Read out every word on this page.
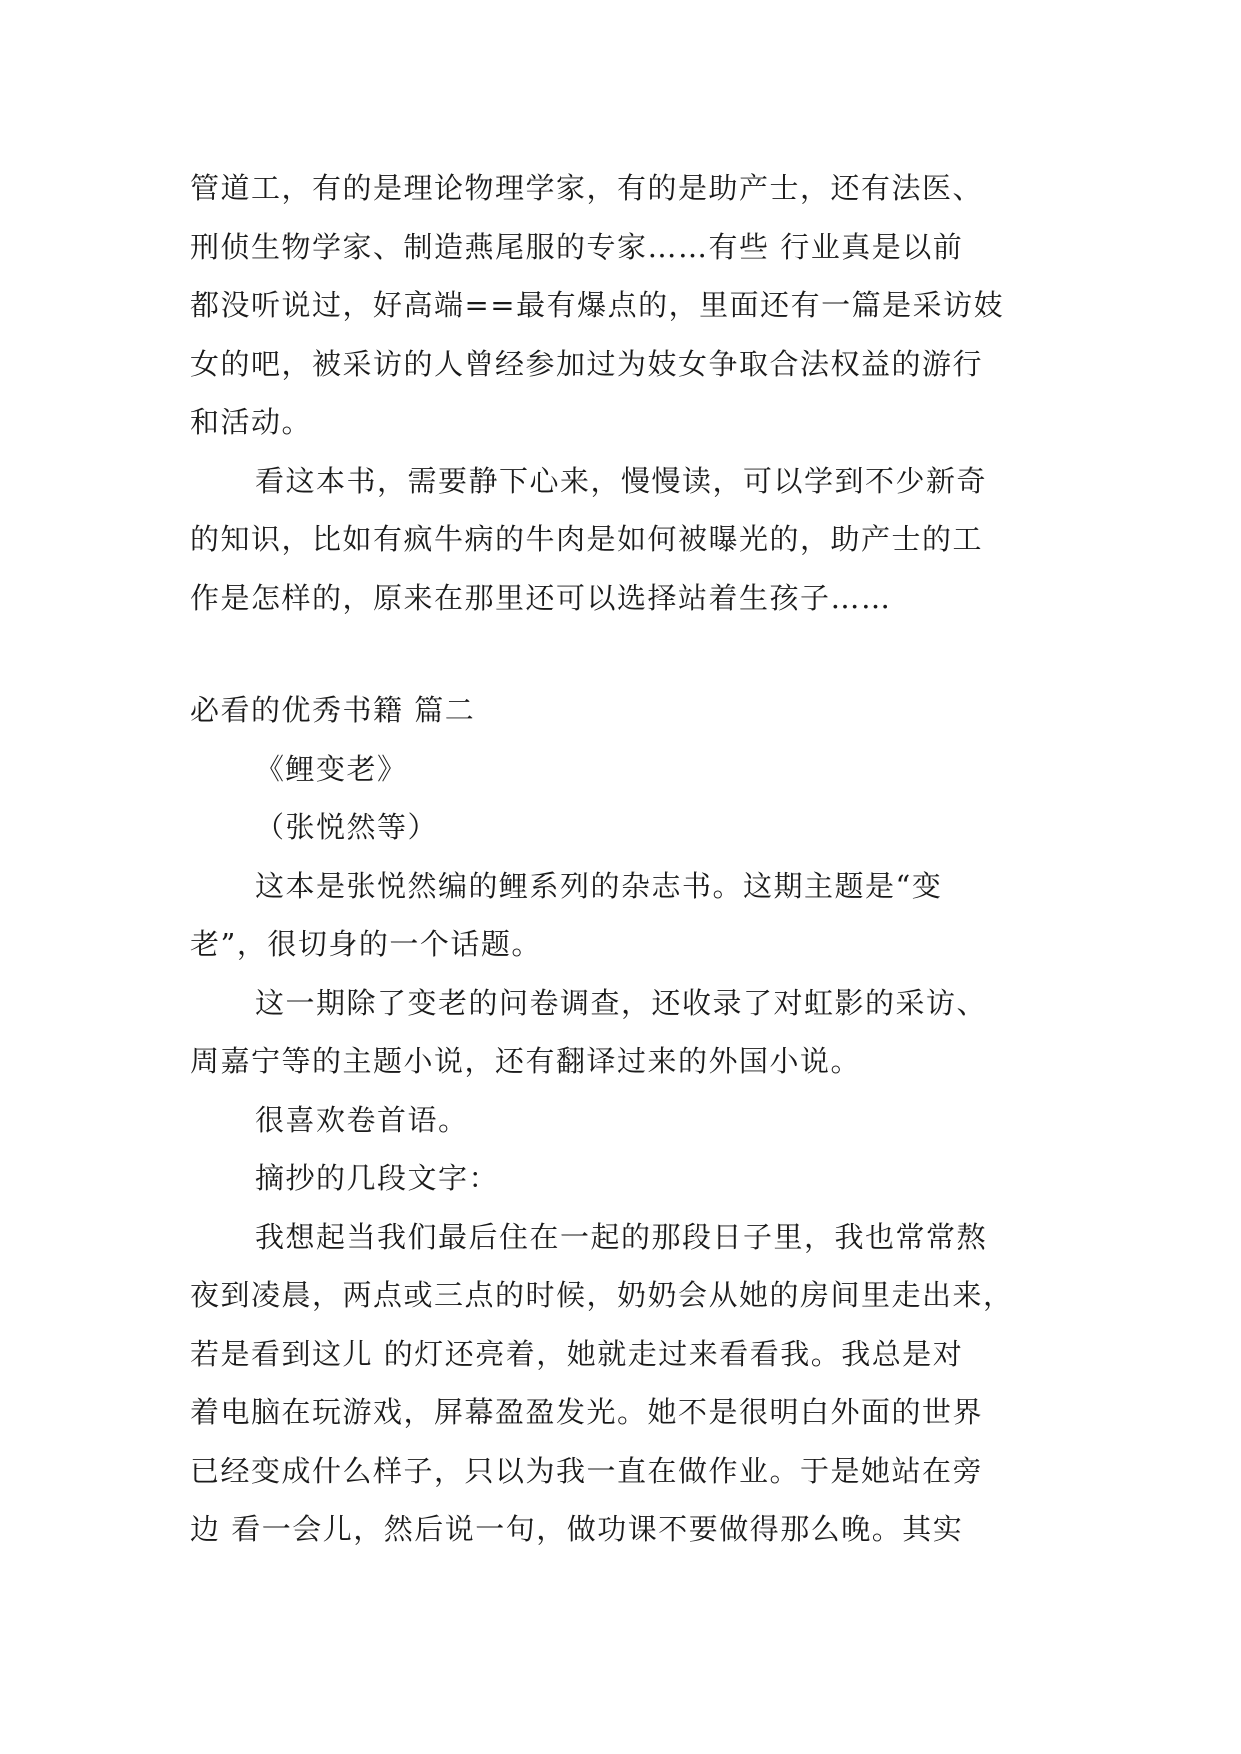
管道工，有的是理论物理学家，有的是助产士，还有法医、
刑侦生物学家、制造燕尾服的专家……有些 行业真是以前
都没听说过，好高端==最有爆点的，里面还有一篇是采访妓
女的吧，被采访的人曾经参加过为妓女争取合法权益的游行
和活动。
看这本书，需要静下心来，慢慢读，可以学到不少新奇
的知识，比如有疯牛病的牛肉是如何被曝光的，助产士的工
作是怎样的，原来在那里还可以选择站着生孩子……
必看的优秀书籍 篇二
《鲤变老》
（张悦然等）
这本是张悦然编的鲤系列的杂志书。这期主题是“变
老”，很切身的一个话题。
这一期除了变老的问卷调查，还收录了对虹影的采访、
周嘉宁等的主题小说，还有翻译过来的外国小说。
很喜欢卷首语。
摘抄的几段文字：
我想起当我们最后住在一起的那段日子里，我也常常熬
夜到凌晨，两点或三点的时候，奶奶会从她的房间里走出来，
若是看到这儿 的灯还亮着，她就走过来看看我。我总是对
着电脑在玩游戏，屏幕盈盈发光。她不是很明白外面的世界
已经变成什么样子，只以为我一直在做作业。于是她站在旁
边 看一会儿，然后说一句，做功课不要做得那么晚。其实
